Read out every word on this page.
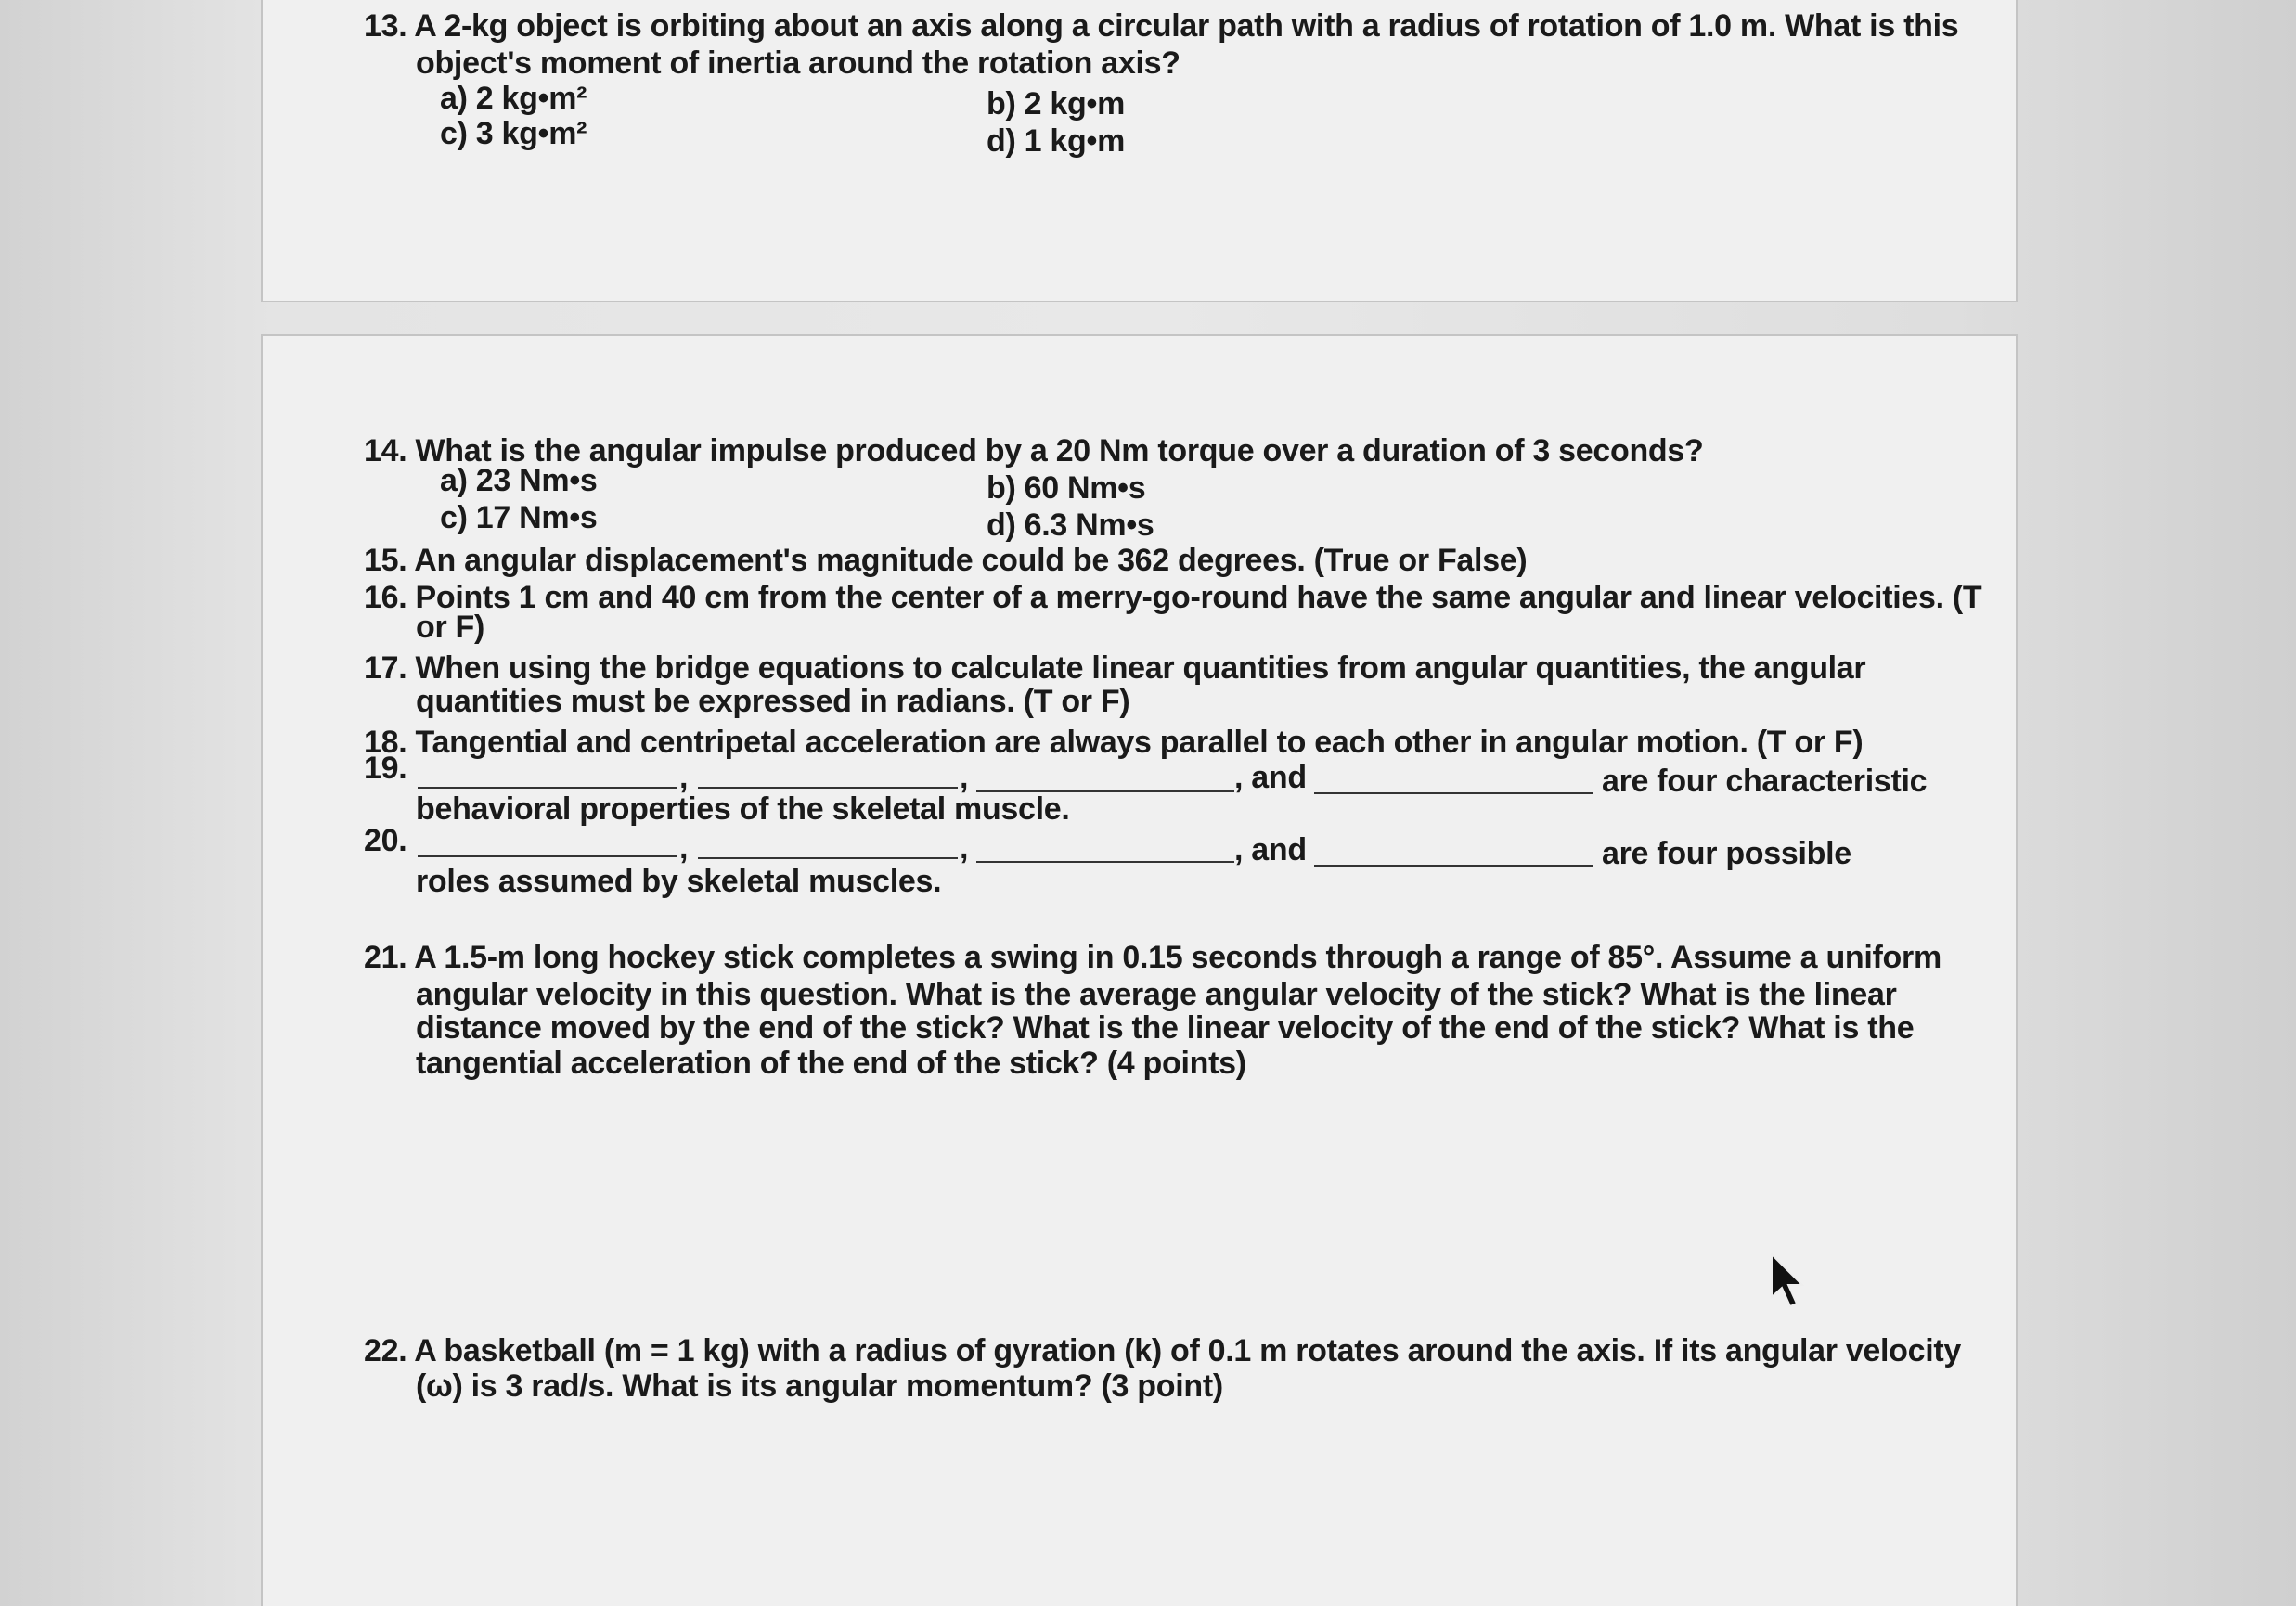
13. A 2-kg object is orbiting about an axis along a circular path with a radius of rotation of 1.0 m. What is this
object's moment of inertia around the rotation axis?
a) 2 kg•m²	b) 2 kg•m
c) 3 kg•m²	d) 1 kg•m
14. What is the angular impulse produced by a 20 Nm torque over a duration of 3 seconds?
a) 23 Nm•s	b) 60 Nm•s
c) 17 Nm•s	d) 6.3 Nm•s
15. An angular displacement's magnitude could be 362 degrees. (True or False)
16. Points 1 cm and 40 cm from the center of a merry-go-round have the same angular and linear velocities. (T
or F)
17. When using the bridge equations to calculate linear quantities from angular quantities, the angular
quantities must be expressed in radians. (T or F)
18. Tangential and centripetal acceleration are always parallel to each other in angular motion. (T or F)
19.	,	,	, and	are four characteristic
behavioral properties of the skeletal muscle.
20.	,	,	, and	are four possible
roles assumed by skeletal muscles.
21. A 1.5-m long hockey stick completes a swing in 0.15 seconds through a range of 85°. Assume a uniform
angular velocity in this question. What is the average angular velocity of the stick? What is the linear
distance moved by the end of the stick? What is the linear velocity of the end of the stick? What is the
tangential acceleration of the end of the stick? (4 points)
22. A basketball (m = 1 kg) with a radius of gyration (k) of 0.1 m rotates around the axis. If its angular velocity
(ω) is 3 rad/s. What is its angular momentum? (3 point)
